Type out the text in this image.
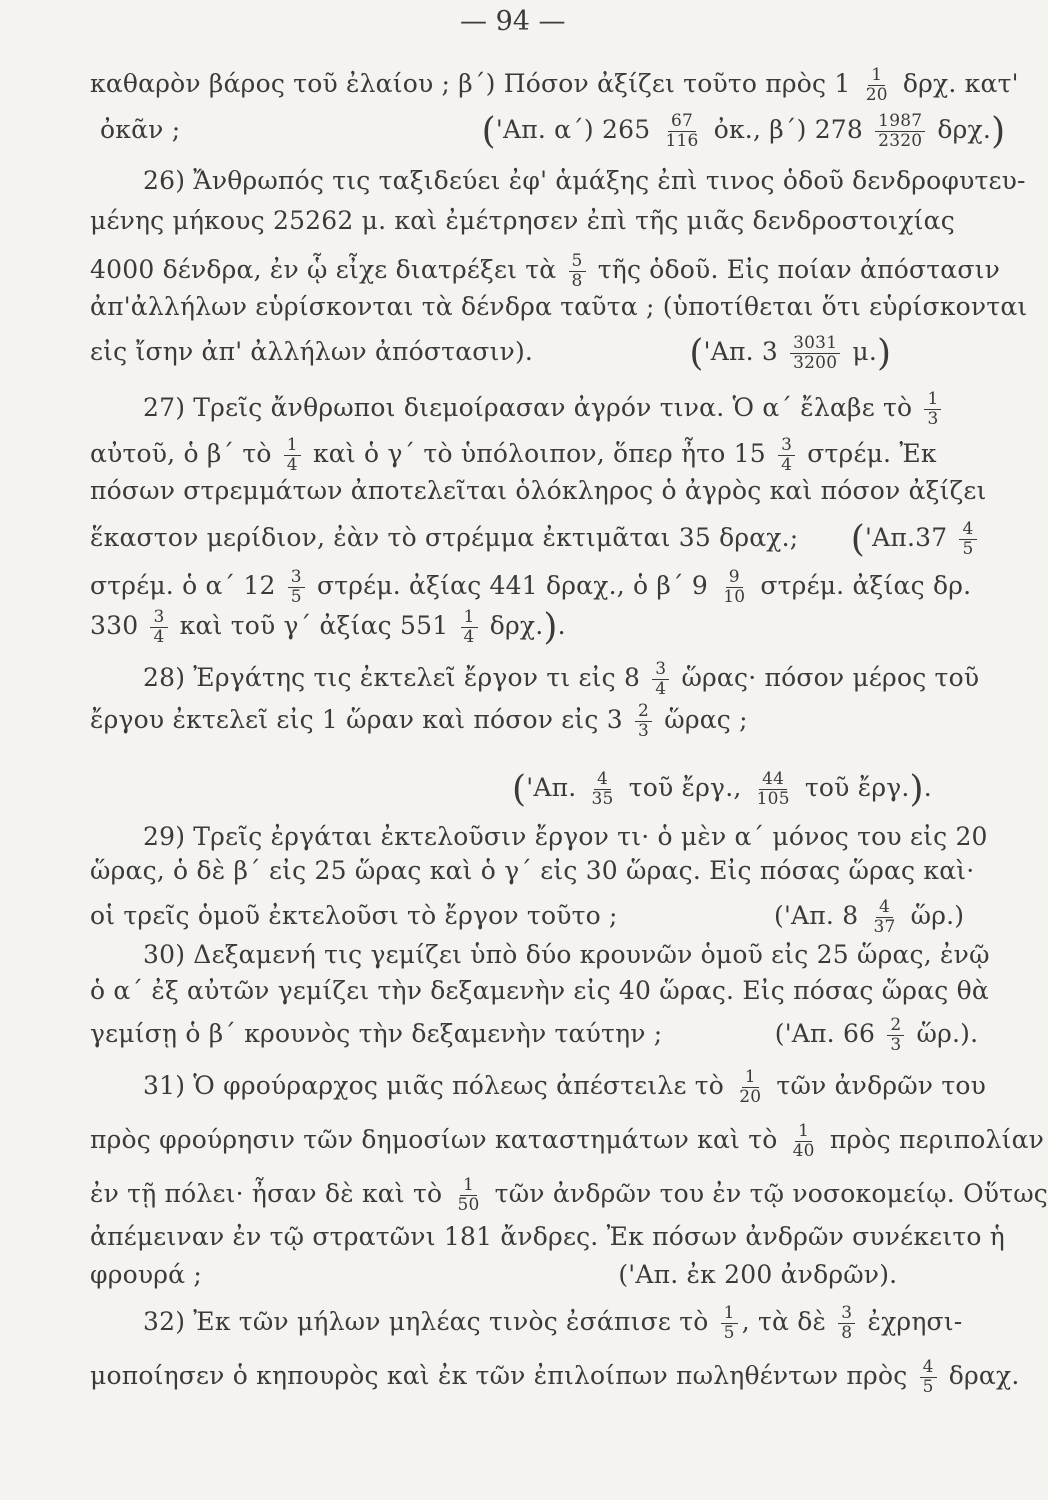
— 94 —
καθαρὸν βάρος τοῦ ἐλαίου ; β΄) Πόσον ἀξίζει τοῦτο πρὸς $1 \frac{1}{20} \delta\rho\chi$. κατ'
ὀκᾶν ;	('Απ. α΄) $265 \frac{67}{116}$ ὀκ., β΄) $278 \frac{1987}{2320} \delta\rho\chi$.)
26) Ἄνθρωπός τις ταξιδεύει ἐφ' ἁμάξης ἐπὶ τινος ὁδοῦ δενδροφυτευ-
μένης μήκους 25262 μ. καὶ ἐμέτρησεν ἐπὶ τῆς μιᾶς δενδροστοιχίας
4000 δένδρα, ἐν ᾧ εἶχε διατρέξει τὰ $\frac{5}{8}$ τῆς ὁδοῦ. Εἰς ποίαν ἀπόστασιν
ἀπ'ἀλλήλων εὑρίσκονται τὰ δένδρα ταῦτα ; (ὑποτίθεται ὅτι εὑρίσκονται
εἰς ἴσην ἀπ' ἀλλήλων ἀπόστασιν).	('Απ. $3 \frac{3031}{3200} \mu$.)
27) Τρεῖς ἄνθρωποι διεμοίρασαν ἀγρόν τινα. Ὁ α΄ ἔλαβε τὸ $\frac{1}{3}$
αὐτοῦ, ὁ β΄ τὸ $\frac{1}{4}$ καὶ ὁ γ΄ τὸ ὑπόλοιπον, ὅπερ ἦτο $15 \frac{3}{4} \sigma\tau\rho έ\mu$. Ἐκ
πόσων στρεμμάτων ἀποτελεῖται ὁλόκληρος ὁ ἀγρὸς καὶ πόσον ἀξίζει
ἕκαστον μερίδιον, ἐὰν τὸ στρέμμα ἐκτιμᾶται 35 δραχ.; ('$A\pi.37 \frac{4}{5}$
στρέμ. ὁ α΄ $12 \frac{3}{5} \sigma\tau\rho έ\mu$. ἀξίας 441 δραχ., ὁ β΄ $9 \frac{9}{10} \sigma\tau\rho έ\mu$. ἀξίας δρ.
$330 \frac{3}{4}$ καὶ τοῦ γ΄ ἀξίας $551 \frac{1}{4} \delta\rho\chi$.).
28) Ἐργάτης τις ἐκτελεῖ ἔργον τι εἰς $8 \frac{3}{4}$ ὥρας· πόσον μέρος τοῦ
ἔργου ἐκτελεῖ εἰς 1 ὥραν καὶ πόσον εἰς $3 \frac{2}{3}$ ὥρας ;
('Απ. $\frac{4}{35}$ τοῦ ἔργ., $\frac{44}{105}$ τοῦ ἔργ.).
29) Τρεῖς ἐργάται ἐκτελοῦσιν ἔργον τι· ὁ μὲν α΄ μόνος του εἰς 20
ὥρας, ὁ δὲ β΄ εἰς 25 ὥρας καὶ ὁ γ΄ εἰς 30 ὥρας. Εἰς πόσας ὥρας καὶ·
οἱ τρεῖς ὁμοῦ ἐκτελοῦσι τὸ ἔργον τοῦτο ;	('Απ. $8 \frac{4}{37}$ ὥρ.)
30) Δεξαμενή τις γεμίζει ὑπὸ δύο κρουνῶν ὁμοῦ εἰς 25 ὥρας, ἐνῷ
ὁ α΄ ἐξ αὐτῶν γεμίζει τὴν δεξαμενὴν εἰς 40 ὥρας. Εἰς πόσας ὥρας θὰ
γεμίσῃ ὁ β΄ κρουνὸς τὴν δεξαμενὴν ταύτην ;	('Απ. $66 \frac{2}{3}$ ὥρ.).
31) Ὁ φρούραρχος μιᾶς πόλεως ἀπέστειλε τὸ $\frac{1}{20}$ τῶν ἀνδρῶν του
πρὸς φρούρησιν τῶν δημοσίων καταστημάτων καὶ τὸ $\frac{1}{40}$ πρὸς περιπολίαν
ἐν τῇ πόλει· ἦσαν δὲ καὶ τὸ $\frac{1}{50}$ τῶν ἀνδρῶν του ἐν τῷ νοσοκομείῳ. Οὕτως
ἀπέμειναν ἐν τῷ στρατῶνι 181 ἄνδρες. Ἐκ πόσων ἀνδρῶν συνέκειτο ἡ
φρουρά ;	('Απ. ἐκ 200 ἀνδρῶν).
32) Ἐκ τῶν μήλων μηλέας τινὸς ἐσάπισε τὸ $\frac{1}{5}$ , τὰ δὲ $\frac{3}{8}$ ἐχρησι-
μοποίησεν ὁ κηπουρὸς καὶ ἐκ τῶν ἐπιλοίπων πωληθέντων πρὸς $\frac{4}{5} \delta\rho\alpha\chi$.
